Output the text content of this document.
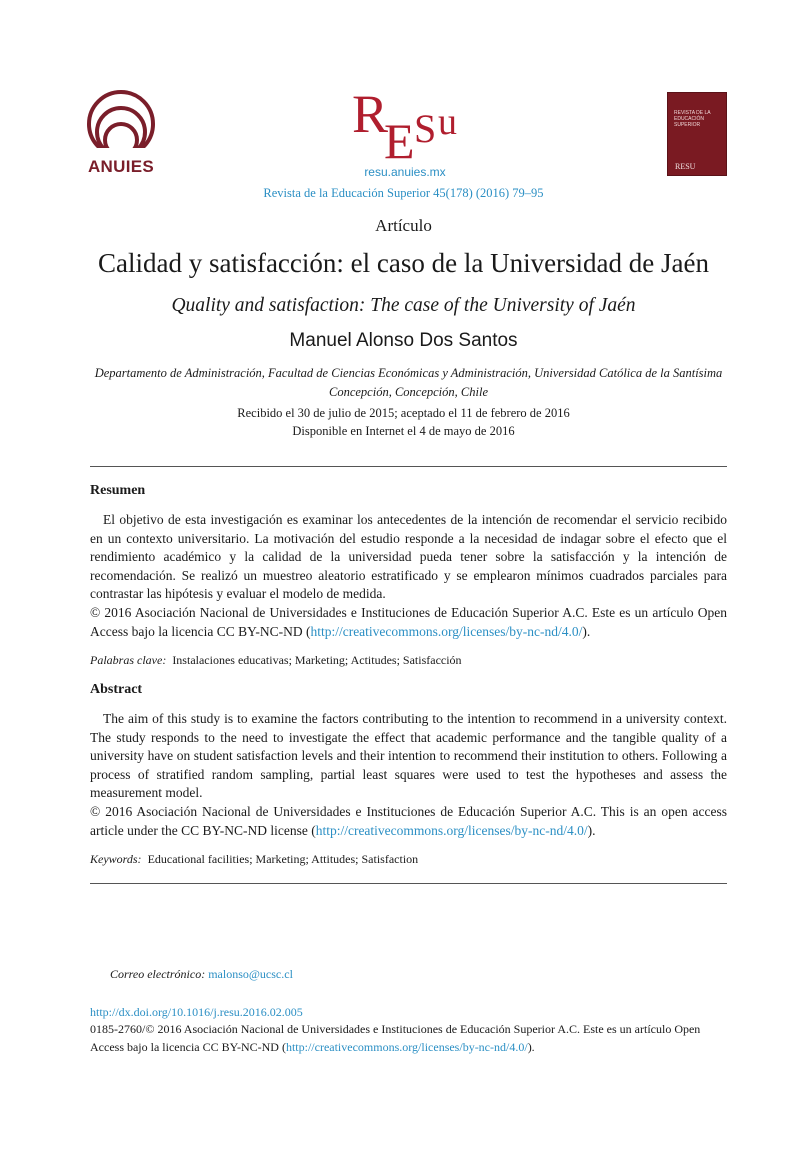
ANUIES
R
E S u
resu.anuies.mx
REVISTA DE LA EDUCACIÓN SUPERIOR
RESU
Revista de la Educación Superior 45(178) (2016) 79–95
Artículo
Calidad y satisfacción: el caso de la Universidad de Jaén
Quality and satisfaction: The case of the University of Jaén
Manuel Alonso Dos Santos
Departamento de Administración, Facultad de Ciencias Económicas y Administración, Universidad Católica de la Santísima Concepción, Concepción, Chile
Recibido el 30 de julio de 2015; aceptado el 11 de febrero de 2016
Disponible en Internet el 4 de mayo de 2016
Resumen

El objetivo de esta investigación es examinar los antecedentes de la intención de recomendar el servicio recibido en un contexto universitario. La motivación del estudio responde a la necesidad de indagar sobre el efecto que el rendimiento académico y la calidad de la universidad pueda tener sobre la satisfacción y la intención de recomendación. Se realizó un muestreo aleatorio estratificado y se emplearon mínimos cuadrados parciales para contrastar las hipótesis y evaluar el modelo de medida.

© 2016 Asociación Nacional de Universidades e Instituciones de Educación Superior A.C. Este es un artículo Open Access bajo la licencia CC BY-NC-ND (http://creativecommons.org/licenses/by-nc-nd/4.0/).

Palabras clave: Instalaciones educativas; Marketing; Actitudes; Satisfacción
Abstract

The aim of this study is to examine the factors contributing to the intention to recommend in a university context. The study responds to the need to investigate the effect that academic performance and the tangible quality of a university have on student satisfaction levels and their intention to recommend their institution to others. Following a process of stratified random sampling, partial least squares were used to test the hypotheses and assess the measurement model.

© 2016 Asociación Nacional de Universidades e Instituciones de Educación Superior A.C. This is an open access article under the CC BY-NC-ND license (http://creativecommons.org/licenses/by-nc-nd/4.0/).

Keywords: Educational facilities; Marketing; Attitudes; Satisfaction
Correo electrónico: malonso@ucsc.cl
http://dx.doi.org/10.1016/j.resu.2016.02.005
0185-2760/© 2016 Asociación Nacional de Universidades e Instituciones de Educación Superior A.C. Este es un artículo Open Access bajo la licencia CC BY-NC-ND (http://creativecommons.org/licenses/by-nc-nd/4.0/).
